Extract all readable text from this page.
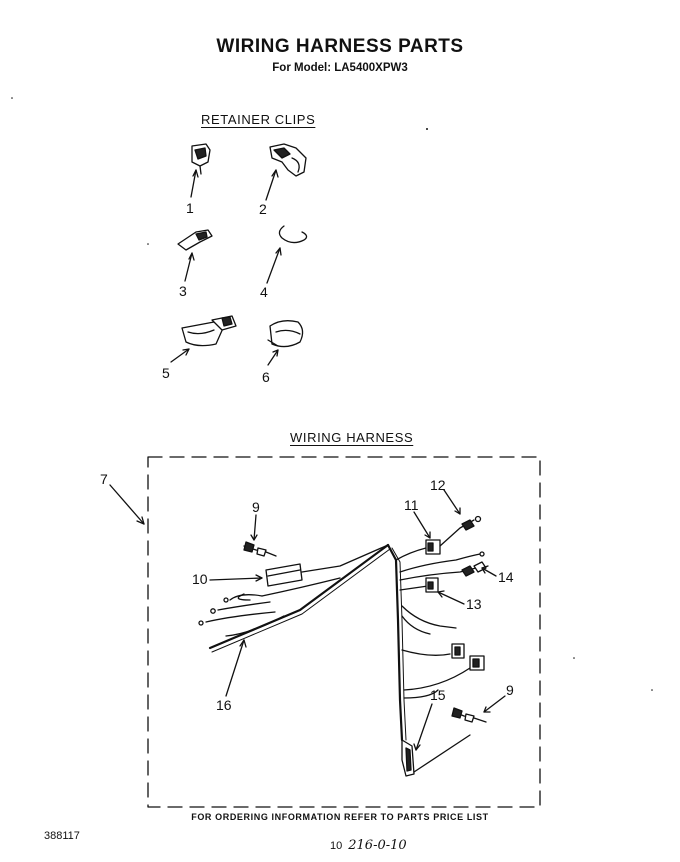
WIRING HARNESS PARTS
For Model: LA5400XPW3
RETAINER CLIPS
WIRING HARNESS
1	2
3	4
5	6
7
9
10
11
12
13
14
15	9
16
FOR ORDERING INFORMATION REFER TO PARTS PRICE LIST
388117
10 216-0-10
